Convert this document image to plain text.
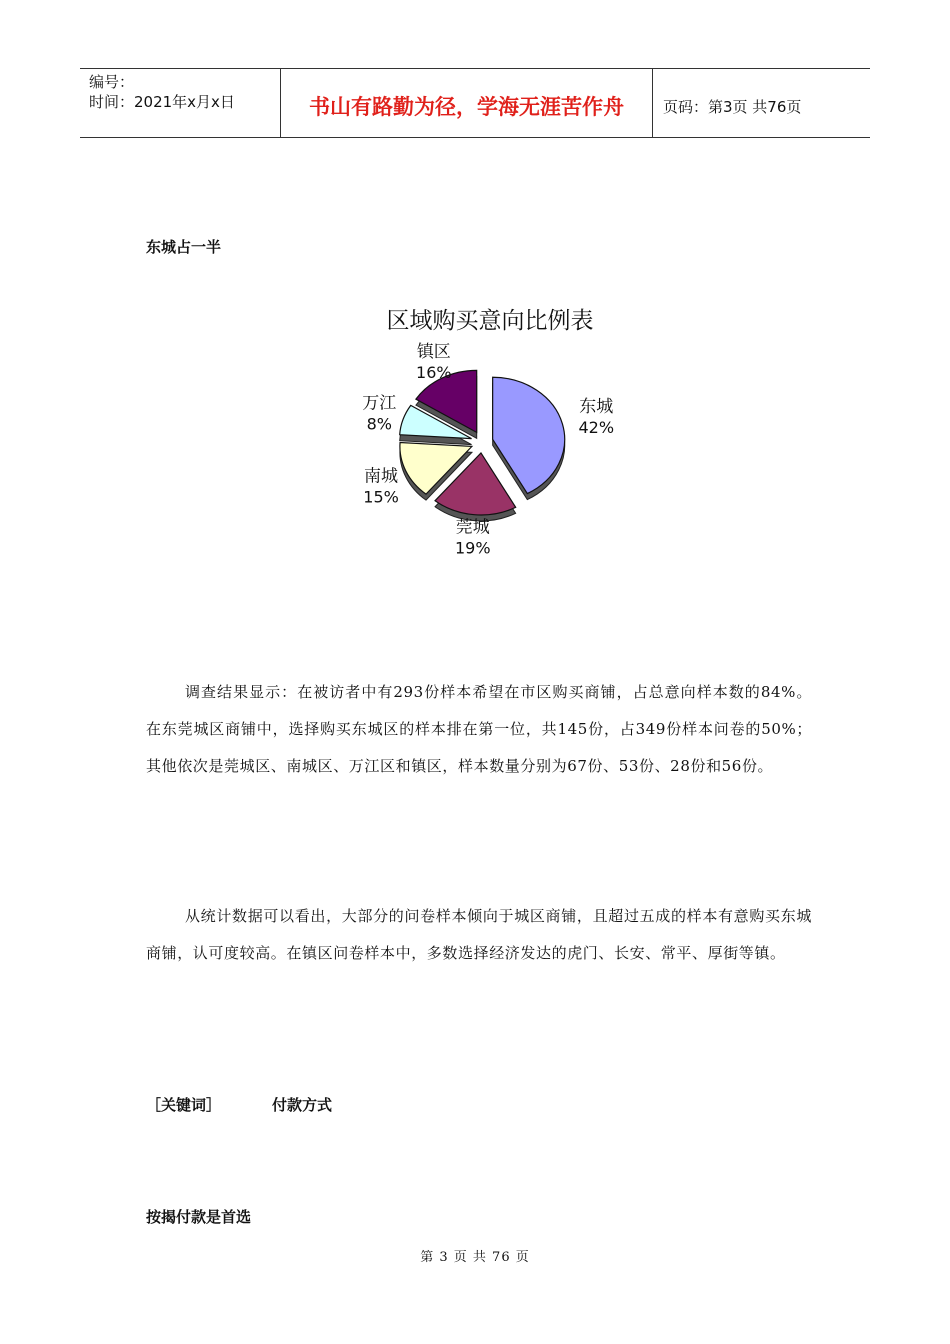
编号：
时间：2021年x月x日	书山有路勤为径，学海无涯苦作舟	页码：第3页 共76页
东城占一半
区域购买意向比例表
东城
42%
莞城
19%
南城
15%
万江
8%
镇区
16%
调查结果显示：在被访者中有293份样本希望在市区购买商铺，占总意向样本数的84%。在东莞城区商铺中，选择购买东城区的样本排在第一位，共145份，占349份样本问卷的50%；其他依次是莞城区、南城区、万江区和镇区，样本数量分别为67份、53份、28份和56份。
从统计数据可以看出，大部分的问卷样本倾向于城区商铺，且超过五成的样本有意购买东城商铺，认可度较高。在镇区问卷样本中，多数选择经济发达的虎门、长安、常平、厚街等镇。
［关键词］	付款方式
按揭付款是首选
第 3 页 共 76 页
